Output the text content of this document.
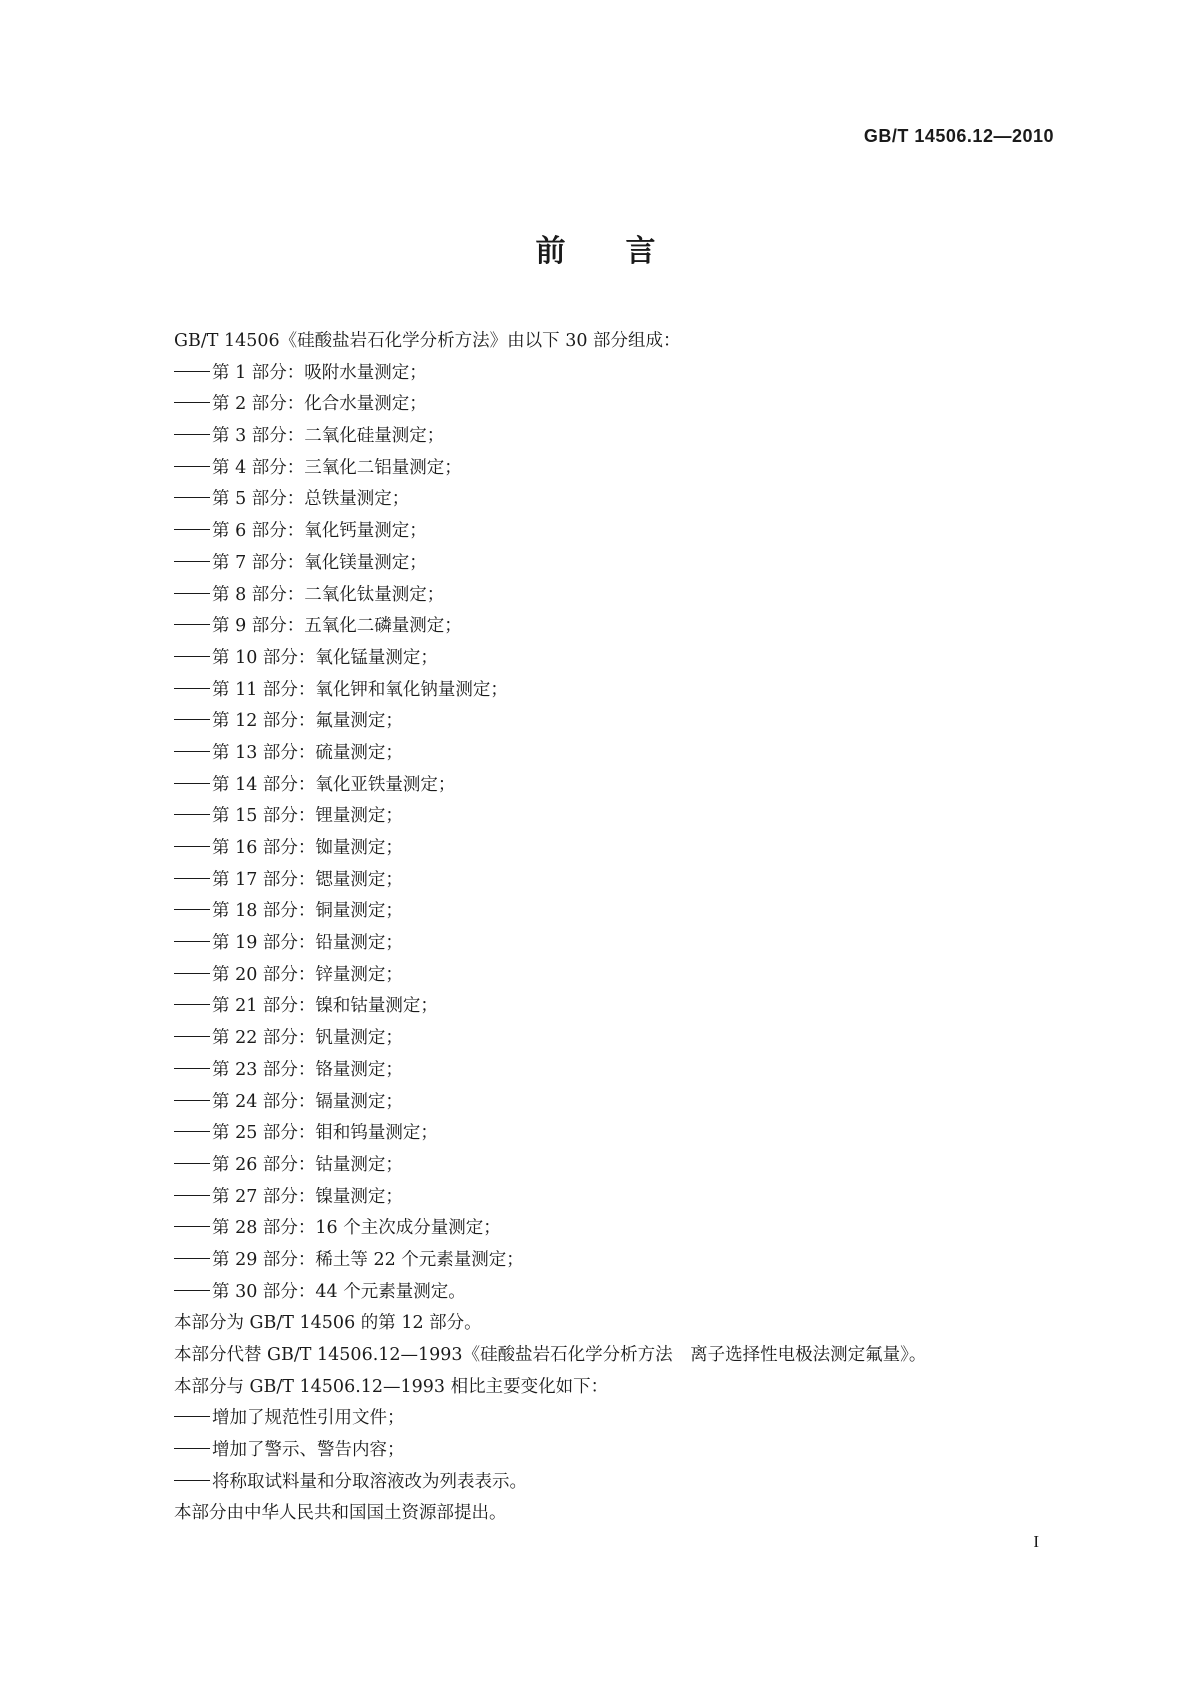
GB/T 14506.12—2010
前言
GB/T 14506《硅酸盐岩石化学分析方法》由以下 30 部分组成：
第 1 部分：吸附水量测定；
第 2 部分：化合水量测定；
第 3 部分：二氧化硅量测定；
第 4 部分：三氧化二铝量测定；
第 5 部分：总铁量测定；
第 6 部分：氧化钙量测定；
第 7 部分：氧化镁量测定；
第 8 部分：二氧化钛量测定；
第 9 部分：五氧化二磷量测定；
第 10 部分：氧化锰量测定；
第 11 部分：氧化钾和氧化钠量测定；
第 12 部分：氟量测定；
第 13 部分：硫量测定；
第 14 部分：氧化亚铁量测定；
第 15 部分：锂量测定；
第 16 部分：铷量测定；
第 17 部分：锶量测定；
第 18 部分：铜量测定；
第 19 部分：铅量测定；
第 20 部分：锌量测定；
第 21 部分：镍和钴量测定；
第 22 部分：钒量测定；
第 23 部分：铬量测定；
第 24 部分：镉量测定；
第 25 部分：钼和钨量测定；
第 26 部分：钴量测定；
第 27 部分：镍量测定；
第 28 部分：16 个主次成分量测定；
第 29 部分：稀土等 22 个元素量测定；
第 30 部分：44 个元素量测定。
本部分为 GB/T 14506 的第 12 部分。
本部分代替 GB/T 14506.12—1993《硅酸盐岩石化学分析方法　离子选择性电极法测定氟量》。
本部分与 GB/T 14506.12—1993 相比主要变化如下：
增加了规范性引用文件；
增加了警示、警告内容；
将称取试料量和分取溶液改为列表表示。
本部分由中华人民共和国国土资源部提出。
I
